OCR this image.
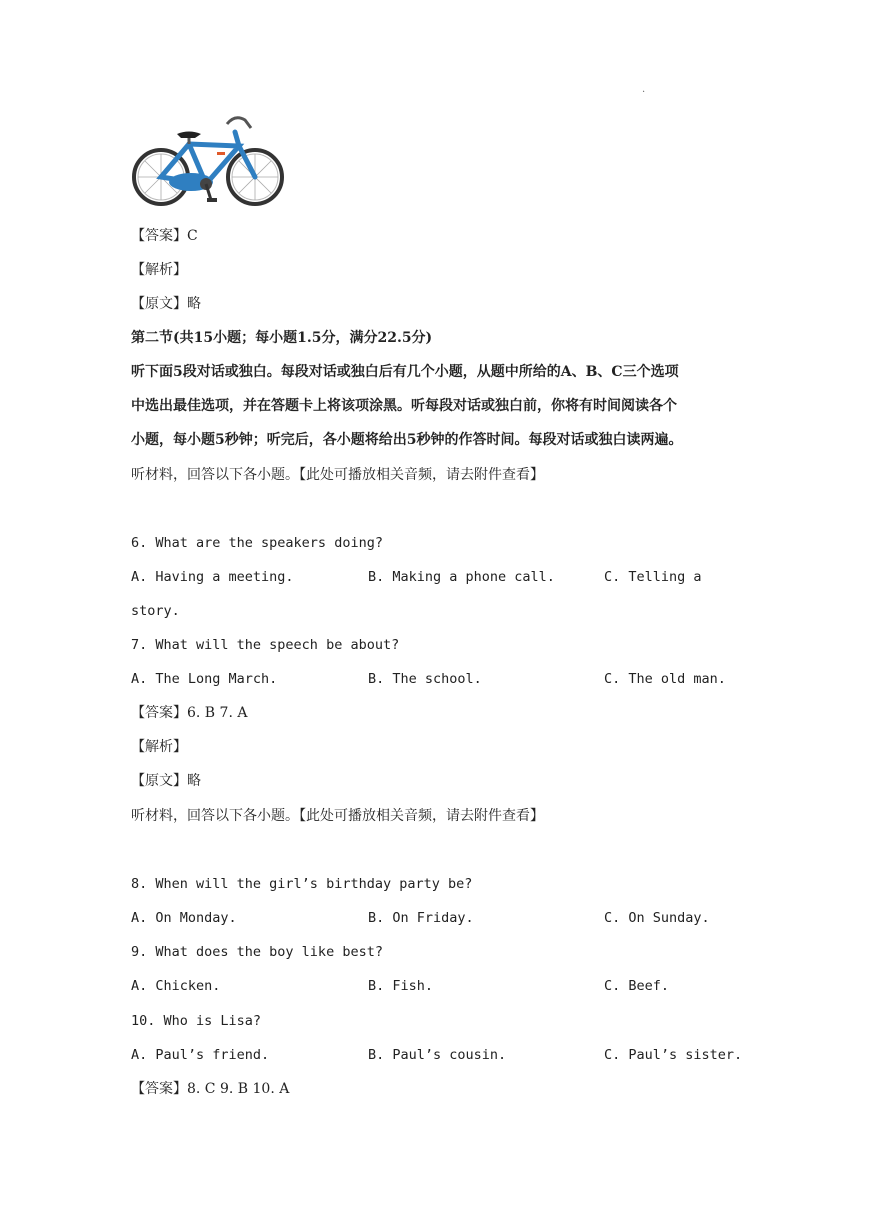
.
【答案】C
【解析】
【原文】略
第二节(共15小题；每小题1.5分，满分22.5分)
听下面5段对话或独白。每段对话或独白后有几个小题，从题中所给的A、B、C三个选项
中选出最佳选项，并在答题卡上将该项涂黑。听每段对话或独白前，你将有时间阅读各个
小题，每小题5秒钟；听完后，各小题将给出5秒钟的作答时间。每段对话或独白读两遍。
听材料，回答以下各小题。【此处可播放相关音频，请去附件查看】
6. What are the speakers doing?
A. Having a meeting.	B. Making a phone call.	C. Telling a
story.
7. What will the speech be about?
A. The Long March.	B. The school.	C. The old man.
【答案】6. B 7. A
【解析】
【原文】略
听材料，回答以下各小题。【此处可播放相关音频，请去附件查看】
8. When will the girl’s birthday party be?
A. On Monday.	B. On Friday.	C. On Sunday.
9. What does the boy like best?
A. Chicken.	B. Fish.	C. Beef.
10. Who is Lisa?
A. Paul’s friend.	B. Paul’s cousin.	C. Paul’s sister.
【答案】8. C 9. B 10. A
